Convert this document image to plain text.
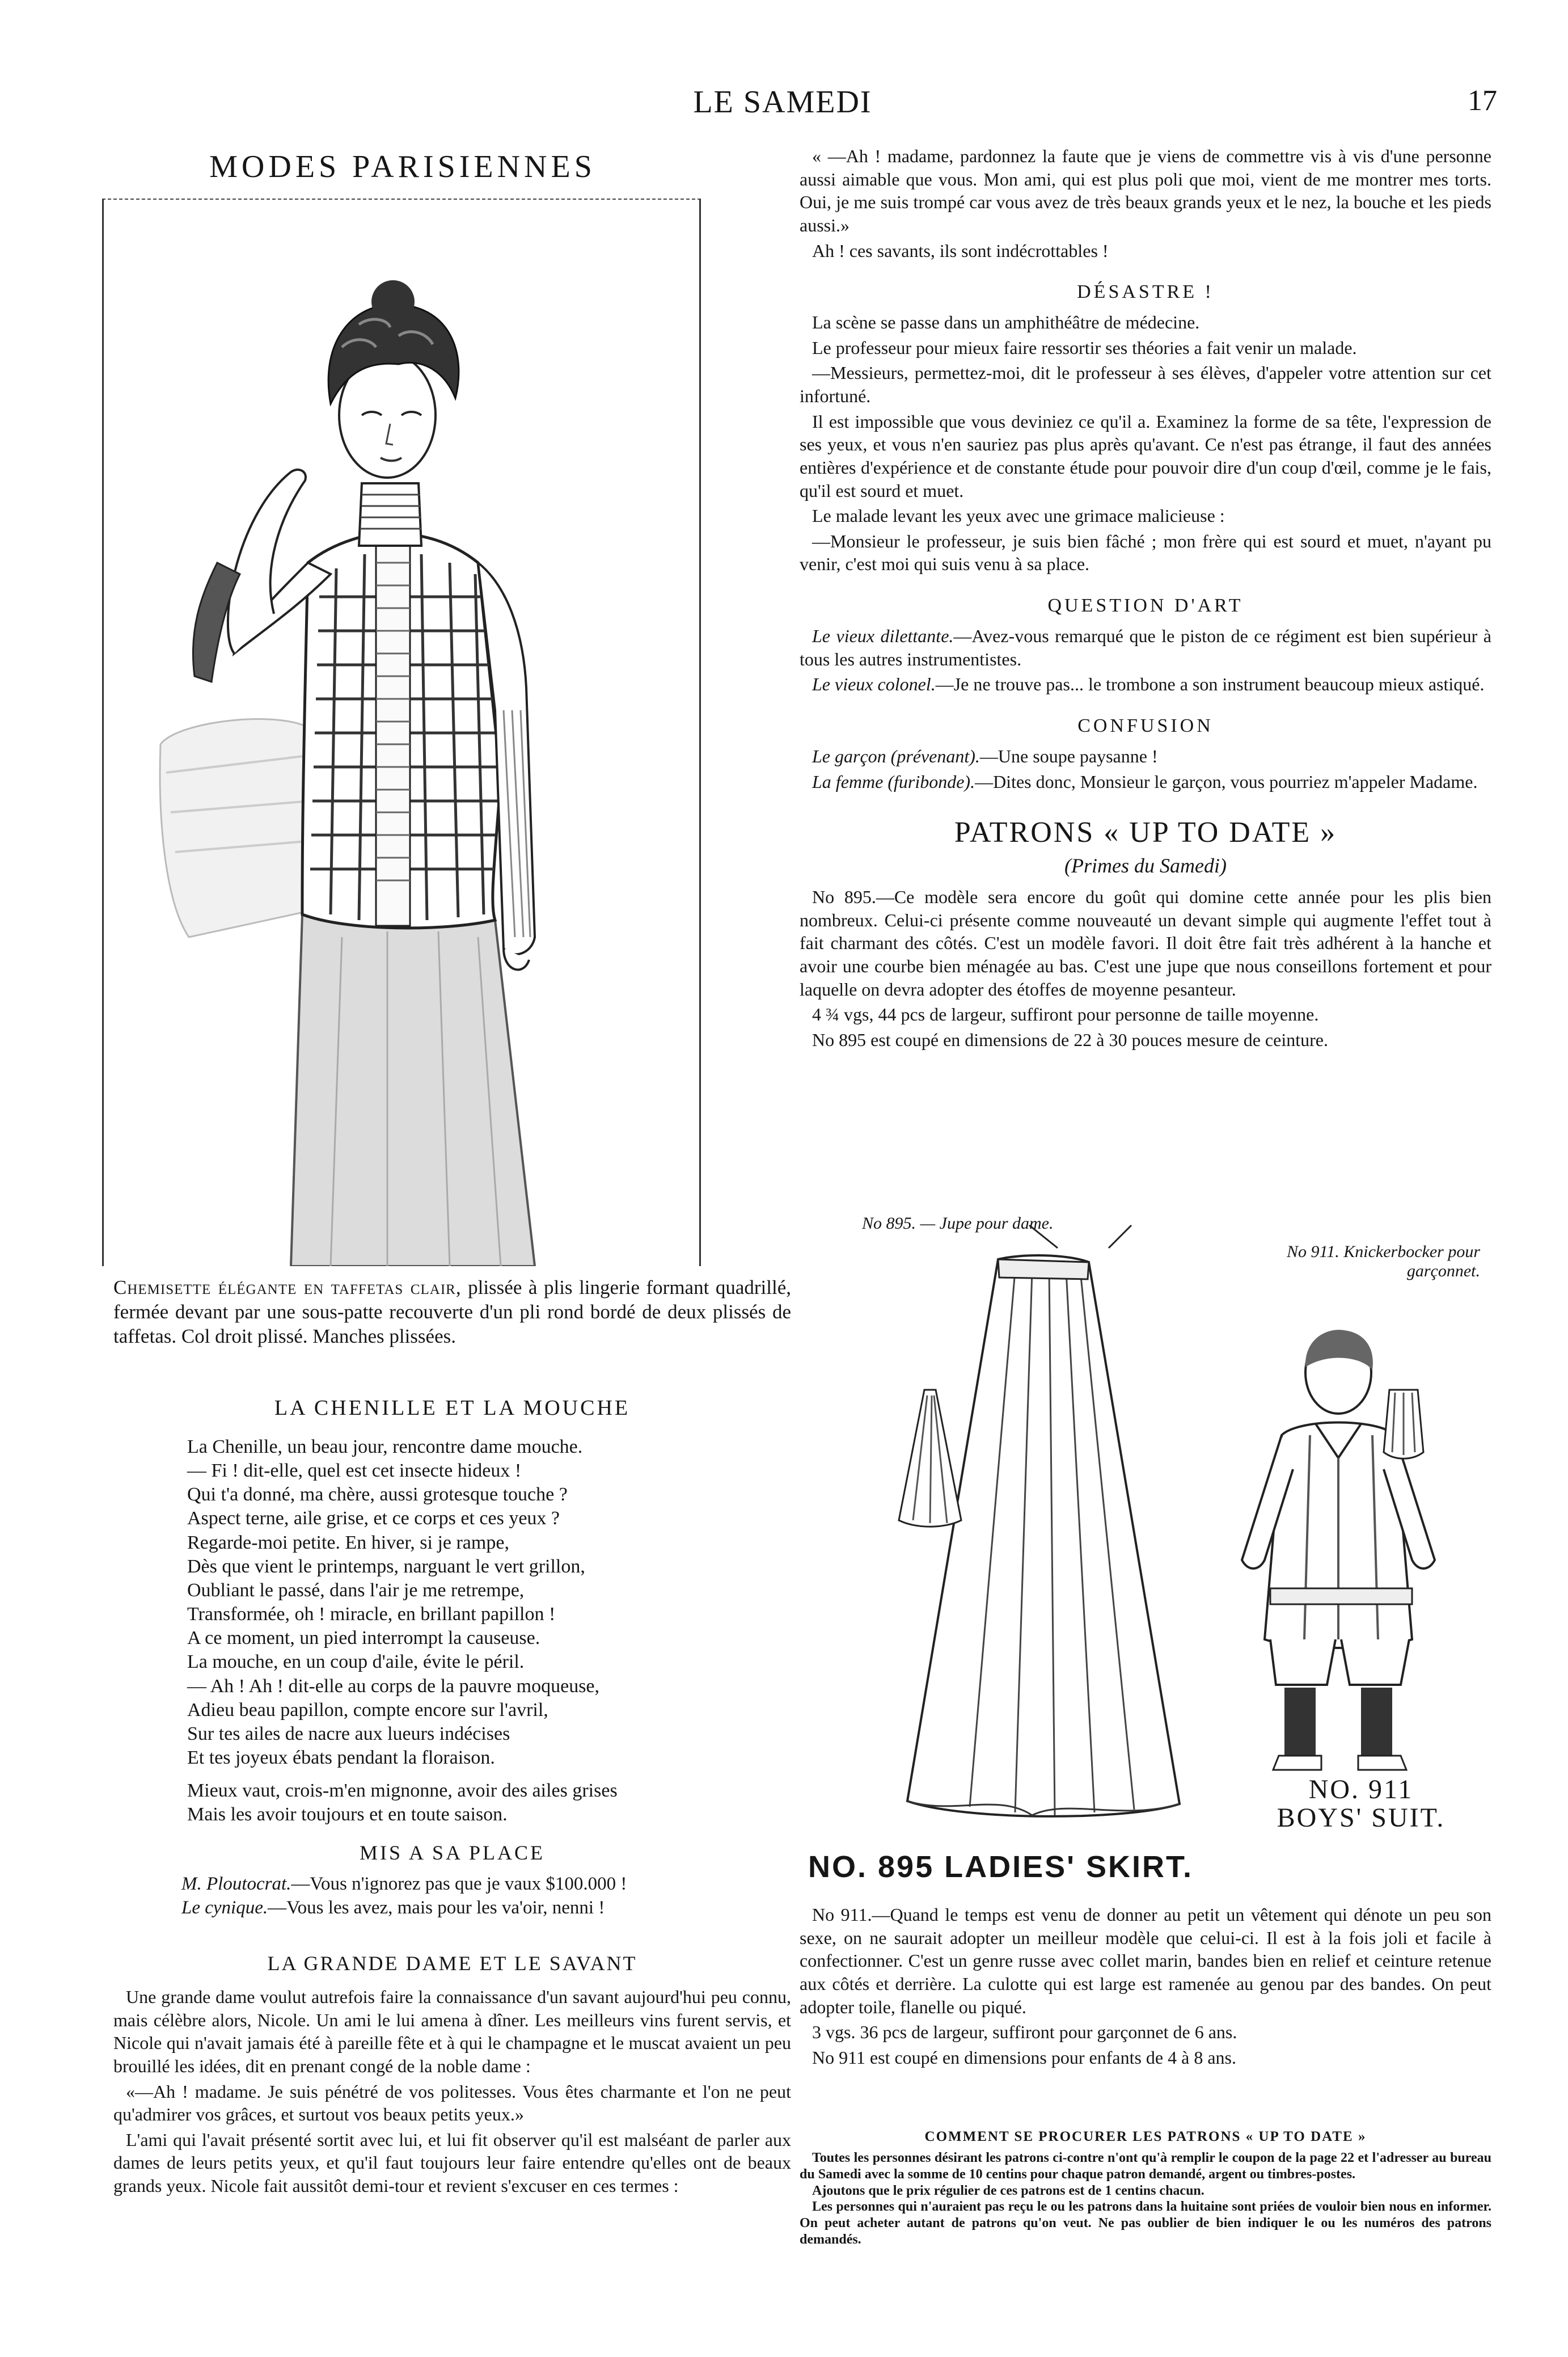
LE SAMEDI	17
MODES PARISIENNES
Chemisette élégante en taffetas clair, plissée à plis lingerie formant quadrillé, fermée devant par une sous-patte recouverte d'un pli rond bordé de deux plissés de taffetas. Col droit plissé. Manches plissées.
LA CHENILLE ET LA MOUCHE
La Chenille, un beau jour, rencontre dame mouche.
— Fi ! dit-elle, quel est cet insecte hideux !
Qui t'a donné, ma chère, aussi grotesque touche ?
Aspect terne, aile grise, et ce corps et ces yeux ?
Regarde-moi petite. En hiver, si je rampe,
Dès que vient le printemps, narguant le vert grillon,
Oubliant le passé, dans l'air je me retrempe,
Transformée, oh ! miracle, en brillant papillon !
A ce moment, un pied interrompt la causeuse.
La mouche, en un coup d'aile, évite le péril.
— Ah ! Ah ! dit-elle au corps de la pauvre moqueuse,
Adieu beau papillon, compte encore sur l'avril,
Sur tes ailes de nacre aux lueurs indécises
Et tes joyeux ébats pendant la floraison.
Mieux vaut, crois-m'en mignonne, avoir des ailes grises
Mais les avoir toujours et en toute saison.
MIS A SA PLACE
M. Ploutocrat.—Vous n'ignorez pas que je vaux $100.000 !
Le cynique.—Vous les avez, mais pour les va'oir, nenni !
LA GRANDE DAME ET LE SAVANT

Une grande dame voulut autrefois faire la connaissance d'un savant aujourd'hui peu connu, mais célèbre alors, Nicole. Un ami le lui amena à dîner. Les meilleurs vins furent servis, et Nicole qui n'avait jamais été à pareille fête et à qui le champagne et le muscat avaient un peu brouillé les idées, dit en prenant congé de la noble dame :

«—Ah ! madame. Je suis pénétré de vos politesses. Vous êtes charmante et l'on ne peut qu'admirer vos grâces, et surtout vos beaux petits yeux.»

L'ami qui l'avait présenté sortit avec lui, et lui fit observer qu'il est malséant de parler aux dames de leurs petits yeux, et qu'il faut toujours leur faire entendre qu'elles ont de beaux grands yeux. Nicole fait aussitôt demi-tour et revient s'excuser en ces termes :

« —Ah ! madame, pardonnez la faute que je viens de commettre vis à vis d'une personne aussi aimable que vous. Mon ami, qui est plus poli que moi, vient de me montrer mes torts. Oui, je me suis trompé car vous avez de très beaux grands yeux et le nez, la bouche et les pieds aussi.»

Ah ! ces savants, ils sont indécrottables !

DÉSASTRE !

La scène se passe dans un amphithéâtre de médecine.

Le professeur pour mieux faire ressortir ses théories a fait venir un malade.

—Messieurs, permettez-moi, dit le professeur à ses élèves, d'appeler votre attention sur cet infortuné.

Il est impossible que vous deviniez ce qu'il a. Examinez la forme de sa tête, l'expression de ses yeux, et vous n'en sauriez pas plus après qu'avant. Ce n'est pas étrange, il faut des années entières d'expérience et de constante étude pour pouvoir dire d'un coup d'œil, comme je le fais, qu'il est sourd et muet.

Le malade levant les yeux avec une grimace malicieuse :

—Monsieur le professeur, je suis bien fâché ; mon frère qui est sourd et muet, n'ayant pu venir, c'est moi qui suis venu à sa place.

QUESTION D'ART

Le vieux dilettante.—Avez-vous remarqué que le piston de ce régiment est bien supérieur à tous les autres instrumentistes.

Le vieux colonel.—Je ne trouve pas... le trombone a son instrument beaucoup mieux astiqué.

CONFUSION

Le garçon (prévenant).—Une soupe paysanne !

La femme (furibonde).—Dites donc, Monsieur le garçon, vous pourriez m'appeler Madame.

PATRONS « UP TO DATE »
(Primes du Samedi)

No 895.—Ce modèle sera encore du goût qui domine cette année pour les plis bien nombreux. Celui-ci présente comme nouveauté un devant simple qui augmente l'effet tout à fait charmant des côtés. C'est un modèle favori. Il doit être fait très adhérent à la hanche et avoir une courbe bien ménagée au bas. C'est une jupe que nous conseillons fortement et pour laquelle on devra adopter des étoffes de moyenne pesanteur.

4 ¾ vgs, 44 pcs de largeur, suffiront pour personne de taille moyenne.

No 895 est coupé en dimensions de 22 à 30 pouces mesure de ceinture.

No 895. — Jupe pour dame.
No 911. Knickerbocker pour garçonnet.
NO. 911
BOYS' SUIT.
NO. 895 LADIES' SKIRT.

No 911.—Quand le temps est venu de donner au petit un vêtement qui dénote un peu son sexe, on ne saurait adopter un meilleur modèle que celui-ci. Il est à la fois joli et facile à confectionner. C'est un genre russe avec collet marin, bandes bien en relief et ceinture retenue aux côtés et derrière. La culotte qui est large est ramenée au genou par des bandes. On peut adopter toile, flanelle ou piqué.

3 vgs. 36 pcs de largeur, suffiront pour garçonnet de 6 ans.

No 911 est coupé en dimensions pour enfants de 4 à 8 ans.

COMMENT SE PROCURER LES PATRONS « UP TO DATE »

Toutes les personnes désirant les patrons ci-contre n'ont qu'à remplir le coupon de la page 22 et l'adresser au bureau du Samedi avec la somme de 10 centins pour chaque patron demandé, argent ou timbres-postes.

Ajoutons que le prix régulier de ces patrons est de 1 centins chacun.

Les personnes qui n'auraient pas reçu le ou les patrons dans la huitaine sont priées de vouloir bien nous en informer. On peut acheter autant de patrons qu'on veut. Ne pas oublier de bien indiquer le ou les numéros des patrons demandés.
